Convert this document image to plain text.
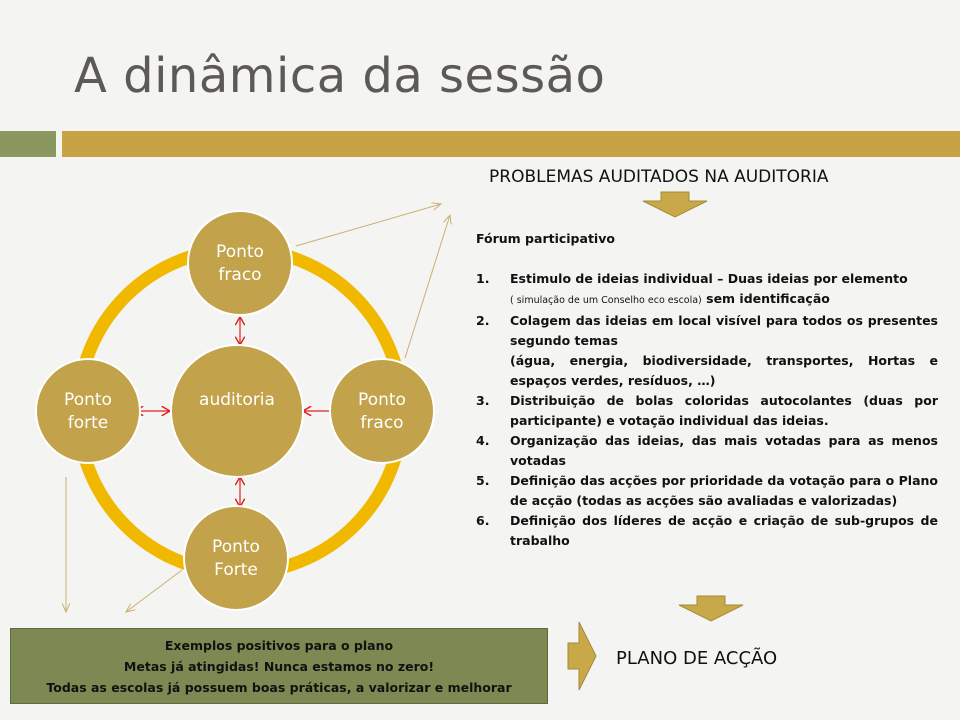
A dinâmica da sessão
auditoria
Ponto
fraco
Ponto
fraco
Ponto
Forte
Ponto
forte
PROBLEMAS AUDITADOS NA AUDITORIA
Fórum participativo
1.	Estimulo de ideias individual – Duas ideias por elemento
( simulação de um Conselho eco escola) sem identificação
2.	Colagem das ideias em local visível para todos os presentes segundo temas
(água, energia, biodiversidade, transportes, Hortas e espaços verdes, resíduos, …)
3.	Distribuição de bolas coloridas autocolantes (duas por participante) e votação individual das ideias.
4.	Organização das ideias, das mais votadas para as menos votadas
5.	Definição das acções por prioridade da votação para o Plano de acção (todas as acções são avaliadas e valorizadas)
6.	Definição dos líderes de acção e criação de sub-grupos de trabalho
Exemplos positivos para o plano
Metas já atingidas! Nunca estamos no zero!
Todas as escolas já possuem boas práticas, a valorizar e melhorar
PLANO DE ACÇÃO
